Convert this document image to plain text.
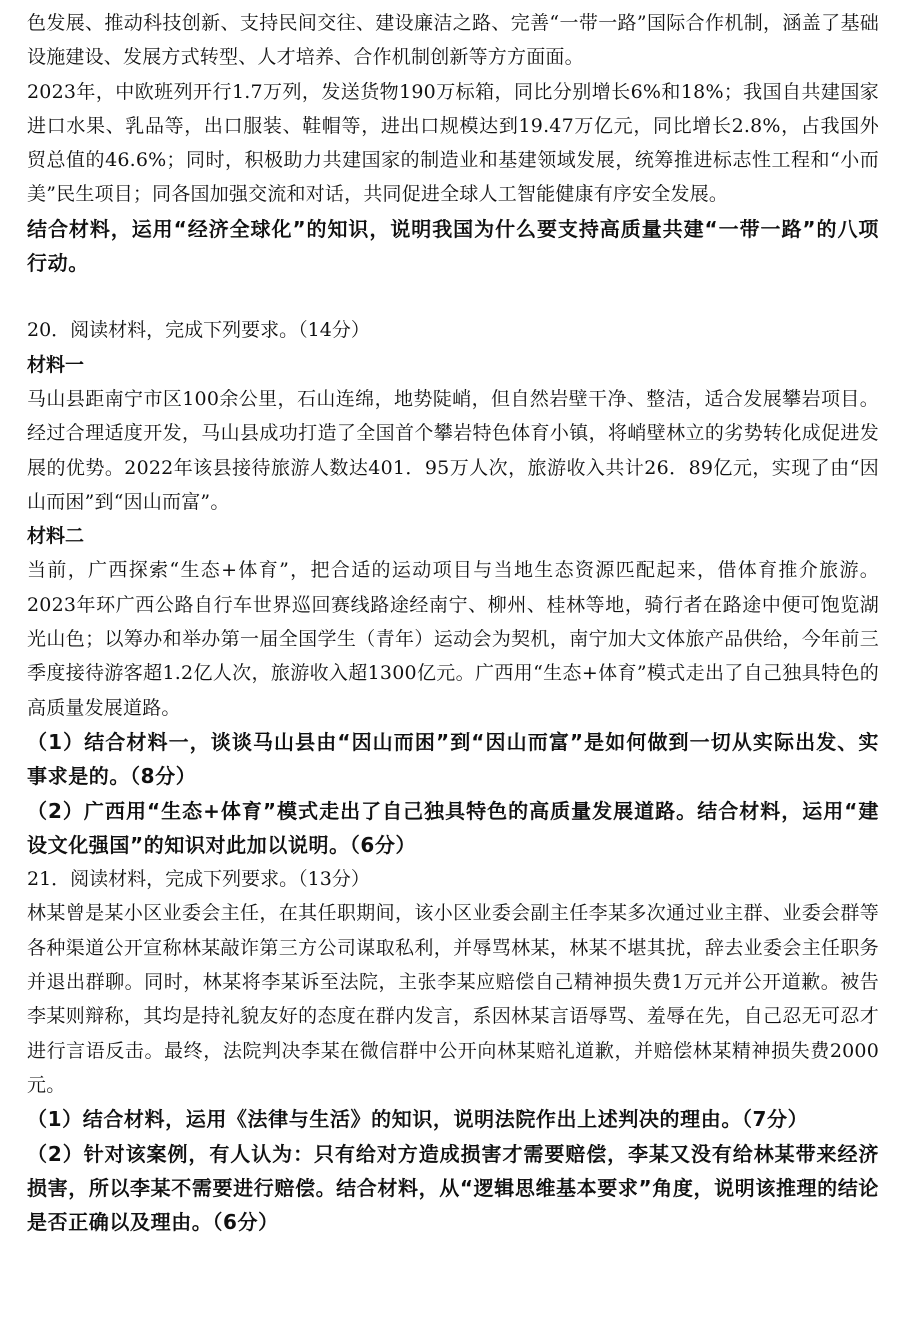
色发展、推动科技创新、支持民间交往、建设廉洁之路、完善“一带一路”国际合作机制，涵盖了基础设施建设、发展方式转型、人才培养、合作机制创新等方方面面。

2023年，中欧班列开行1.7万列，发送货物190万标箱，同比分别增长6%和18%；我国自共建国家进口水果、乳品等，出口服装、鞋帽等，进出口规模达到19.47万亿元，同比增长2.8%，占我国外贸总值的46.6%；同时，积极助力共建国家的制造业和基建领域发展，统筹推进标志性工程和“小而美”民生项目；同各国加强交流和对话，共同促进全球人工智能健康有序安全发展。

结合材料，运用“经济全球化”的知识，说明我国为什么要支持高质量共建“一带一路”的八项行动。

20．阅读材料，完成下列要求。（14分）

材料一

马山县距南宁市区100余公里，石山连绵，地势陡峭，但自然岩壁干净、整洁，适合发展攀岩项目。经过合理适度开发，马山县成功打造了全国首个攀岩特色体育小镇，将峭壁林立的劣势转化成促进发展的优势。2022年该县接待旅游人数达401．95万人次，旅游收入共计26．89亿元，实现了由“因山而困”到“因山而富”。

材料二

当前，广西探索“生态+体育”，把合适的运动项目与当地生态资源匹配起来，借体育推介旅游。2023年环广西公路自行车世界巡回赛线路途经南宁、柳州、桂林等地，骑行者在路途中便可饱览湖光山色；以筹办和举办第一届全国学生（青年）运动会为契机，南宁加大文体旅产品供给，今年前三季度接待游客超1.2亿人次，旅游收入超1300亿元。广西用“生态+体育”模式走出了自己独具特色的高质量发展道路。

（1）结合材料一，谈谈马山县由“因山而困”到“因山而富”是如何做到一切从实际出发、实事求是的。（8分）

（2）广西用“生态+体育”模式走出了自己独具特色的高质量发展道路。结合材料，运用“建设文化强国”的知识对此加以说明。（6分）

21．阅读材料，完成下列要求。（13分）

林某曾是某小区业委会主任，在其任职期间，该小区业委会副主任李某多次通过业主群、业委会群等各种渠道公开宣称林某敲诈第三方公司谋取私利，并辱骂林某，林某不堪其扰，辞去业委会主任职务并退出群聊。同时，林某将李某诉至法院，主张李某应赔偿自己精神损失费1万元并公开道歉。被告李某则辩称，其均是持礼貌友好的态度在群内发言，系因林某言语辱骂、羞辱在先，自己忍无可忍才进行言语反击。最终，法院判决李某在微信群中公开向林某赔礼道歉，并赔偿林某精神损失费2000元。

（1）结合材料，运用《法律与生活》的知识，说明法院作出上述判决的理由。（7分）

（2）针对该案例，有人认为：只有给对方造成损害才需要赔偿，李某又没有给林某带来经济损害，所以李某不需要进行赔偿。结合材料，从“逻辑思维基本要求”角度，说明该推理的结论是否正确以及理由。（6分）
